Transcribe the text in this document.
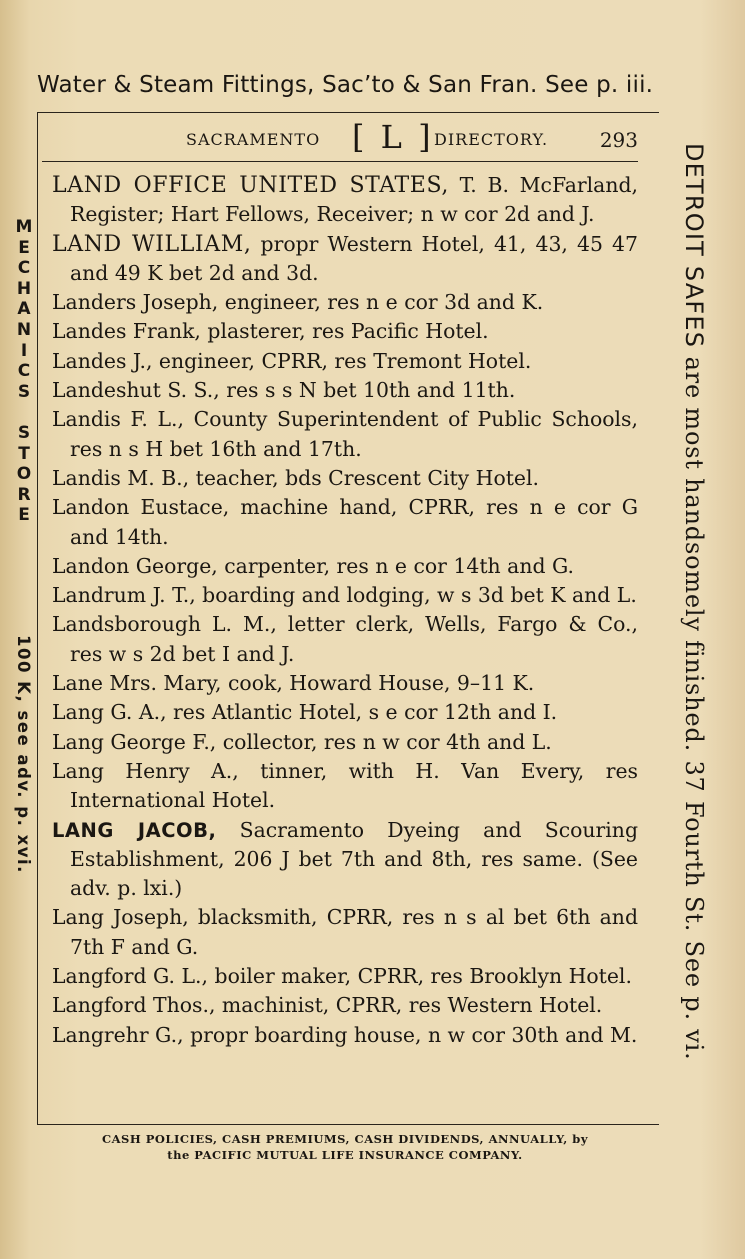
Water & Steam Fittings, Sac’to & San Fran. See p. iii.
SACRAMENTO [ L ] DIRECTORY.	293

LAND OFFICE UNITED STATES, T. B. McFarland, Register; Hart Fellows, Receiver; n w cor 2d and J.

LAND WILLIAM, propr Western Hotel, 41, 43, 45 47 and 49 K bet 2d and 3d.

Landers Joseph, engineer, res n e cor 3d and K.

Landes Frank, plasterer, res Pacific Hotel.

Landes J., engineer, CPRR, res Tremont Hotel.

Landeshut S. S., res s s N bet 10th and 11th.

Landis F. L., County Superintendent of Public Schools, res n s H bet 16th and 17th.

Landis M. B., teacher, bds Crescent City Hotel.

Landon Eustace, machine hand, CPRR, res n e cor G and 14th.

Landon George, carpenter, res n e cor 14th and G.

Landrum J. T., boarding and lodging, w s 3d bet K and L.

Landsborough L. M., letter clerk, Wells, Fargo & Co., res w s 2d bet I and J.

Lane Mrs. Mary, cook, Howard House, 9–11 K.

Lang G. A., res Atlantic Hotel, s e cor 12th and I.

Lang George F., collector, res n w cor 4th and L.

Lang Henry A., tinner, with H. Van Every, res International Hotel.

LANG JACOB, Sacramento Dyeing and Scouring Establishment, 206 J bet 7th and 8th, res same. (See adv. p. lxi.)

Lang Joseph, blacksmith, CPRR, res n s al bet 6th and 7th F and G.

Langford G. L., boiler maker, CPRR, res Brooklyn Hotel.

Langford Thos., machinist, CPRR, res Western Hotel.

Langrehr G., propr boarding house, n w cor 30th and M.

M
E
C
H
A
N
I
C
S

S
T
O
R
E
100 K, see adv. p. xvi.
DETROIT SAFES are most handsomely finished. 37 Fourth St. See p. vi.
CASH POLICIES, CASH PREMIUMS, CASH DIVIDENDS, ANNUALLY, by
the PACIFIC MUTUAL LIFE INSURANCE COMPANY.
